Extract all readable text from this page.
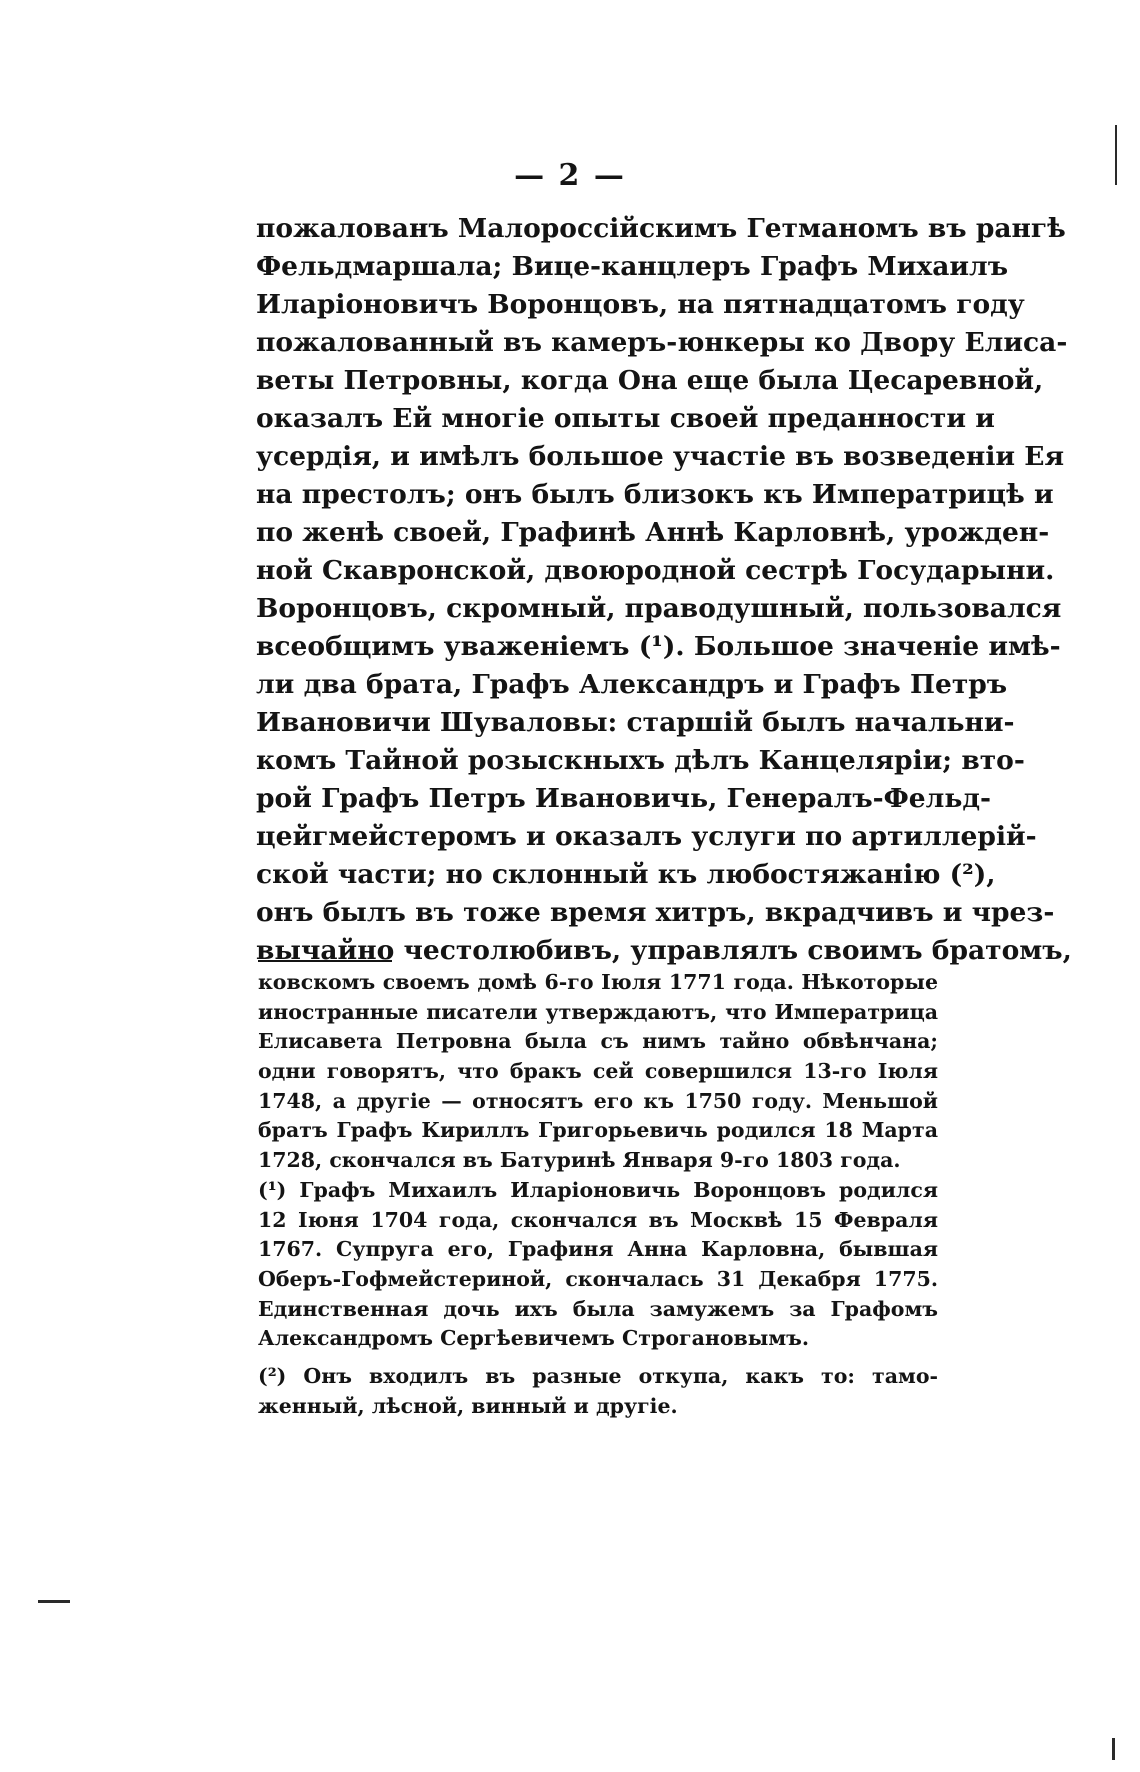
— 2 —
пожалованъ Малороссійскимъ Гетманомъ въ рангѣ
Фельдмаршала; Вице-канцлеръ Графъ Михаилъ
Иларіоновичъ Воронцовъ, на пятнадцатомъ году
пожалованный въ камеръ-юнкеры ко Двору Елиса-
веты Петровны, когда Она еще была Цесаревной,
оказалъ Ей многіе опыты своей преданности и
усердія, и имѣлъ большое участіе въ возведеніи Ея
на престолъ; онъ былъ близокъ къ Императрицѣ и
по женѣ своей, Графинѣ Аннѣ Карловнѣ, урожден-
ной Скавронской, двоюродной сестрѣ Государыни.
Воронцовъ, скромный, праводушный, пользовался
всеобщимъ уваженіемъ (¹). Большое значеніе имѣ-
ли два брата, Графъ Александръ и Графъ Петръ
Ивановичи Шуваловы: старшій былъ начальни-
комъ Тайной розыскныхъ дѣлъ Канцеляріи; вто-
рой Графъ Петръ Ивановичь, Генералъ-Фельд-
цейгмейстеромъ и оказалъ услуги по артиллерій-
ской части; но склонный къ любостяжанію (²),
онъ былъ въ тоже время хитръ, вкрадчивъ и чрез-
вычайно честолюбивъ, управлялъ своимъ братомъ,
ковскомъ своемъ домѣ 6-го Іюля 1771 года. Нѣкоторые
иностранные писатели утверждаютъ, что Императрица
Елисавета Петровна была съ нимъ тайно обвѣнчана;
одни говорятъ, что бракъ сей совершился 13-го Іюля
1748, а другіе — относятъ его къ 1750 году. Меньшой
братъ Графъ Кириллъ Григорьевичь родился 18 Марта
1728, скончался въ Батуринѣ Января 9-го 1803 года.
(¹) Графъ Михаилъ Иларіоновичь Воронцовъ родился
12 Іюня 1704 года, скончался въ Москвѣ 15 Февраля
1767. Супруга его, Графиня Анна Карловна, бывшая
Оберъ-Гофмейстериной, скончалась 31 Декабря 1775.
Единственная дочь ихъ была замужемъ за Графомъ
Александромъ Сергѣевичемъ Строгановымъ.
(²) Онъ входилъ въ разные откупа, какъ то: тамо-
женный, лѣсной, винный и другіе.
